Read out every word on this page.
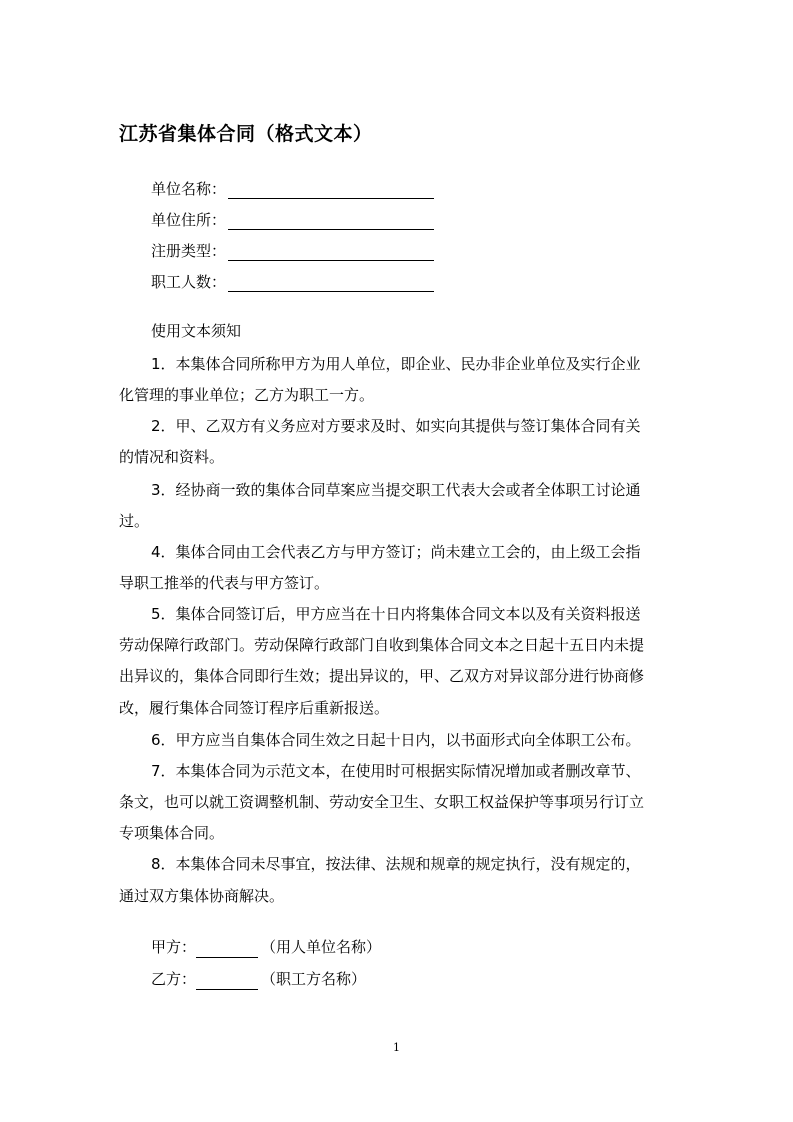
江苏省集体合同（格式文本）
单位名称：
单位住所：
注册类型：
职工人数：
使用文本须知
1．本集体合同所称甲方为用人单位，即企业、民办非企业单位及实行企业
化管理的事业单位；乙方为职工一方。
2．甲、乙双方有义务应对方要求及时、如实向其提供与签订集体合同有关
的情况和资料。
3．经协商一致的集体合同草案应当提交职工代表大会或者全体职工讨论通
过。
4．集体合同由工会代表乙方与甲方签订；尚未建立工会的，由上级工会指
导职工推举的代表与甲方签订。
5．集体合同签订后，甲方应当在十日内将集体合同文本以及有关资料报送
劳动保障行政部门。劳动保障行政部门自收到集体合同文本之日起十五日内未提
出异议的，集体合同即行生效；提出异议的，甲、乙双方对异议部分进行协商修
改，履行集体合同签订程序后重新报送。
6．甲方应当自集体合同生效之日起十日内，以书面形式向全体职工公布。
7．本集体合同为示范文本，在使用时可根据实际情况增加或者删改章节、
条文，也可以就工资调整机制、劳动安全卫生、女职工权益保护等事项另行订立
专项集体合同。
8．本集体合同未尽事宜，按法律、法规和规章的规定执行，没有规定的，
通过双方集体协商解决。
甲方：	（用人单位名称）
乙方：	（职工方名称）
1
